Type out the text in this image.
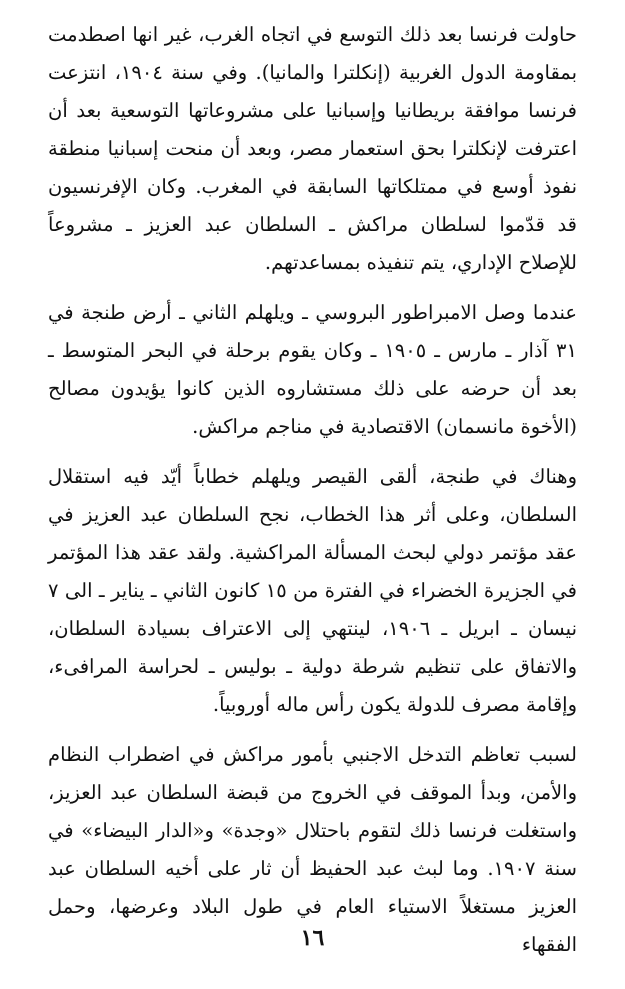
حاولت فرنسا بعد ذلك التوسع في اتجاه الغرب، غير انها اصطدمت بمقاومة الدول الغربية (إنكلترا والمانيا). وفي سنة ١٩٠٤، انتزعت فرنسا موافقة بريطانيا وإسبانيا على مشروعاتها التوسعية بعد أن اعترفت لإنكلترا بحق استعمار مصر، وبعد أن منحت إسبانيا منطقة نفوذ أوسع في ممتلكاتها السابقة في المغرب. وكان الإفرنسيون قد قدّموا لسلطان مراكش ـ السلطان عبد العزيز ـ مشروعاً للإصلاح الإداري، يتم تنفيذه بمساعدتهم.

عندما وصل الامبراطور البروسي ـ ويلهلم الثاني ـ أرض طنجة في ٣١ آذار ـ مارس ـ ١٩٠٥ ـ وكان يقوم برحلة في البحر المتوسط ـ بعد أن حرضه على ذلك مستشاروه الذين كانوا يؤيدون مصالح (الأخوة مانسمان) الاقتصادية في مناجم مراكش.

وهناك في طنجة، ألقى القيصر ويلهلم خطاباً أيّد فيه استقلال السلطان، وعلى أثر هذا الخطاب، نجح السلطان عبد العزيز في عقد مؤتمر دولي لبحث المسألة المراكشية. ولقد عقد هذا المؤتمر في الجزيرة الخضراء في الفترة من ١٥ كانون الثاني ـ يناير ـ الى ٧ نيسان ـ ابريل ـ ١٩٠٦، لينتهي إلى الاعتراف بسيادة السلطان، والاتفاق على تنظيم شرطة دولية ـ بوليس ـ لحراسة المرافىء، وإقامة مصرف للدولة يكون رأس ماله أوروبياً.

لسبب تعاظم التدخل الاجنبي بأمور مراكش في اضطراب النظام والأمن، وبدأ الموقف في الخروج من قبضة السلطان عبد العزيز، واستغلت فرنسا ذلك لتقوم باحتلال «وجدة» و«الدار البيضاء» في سنة ١٩٠٧. وما لبث عبد الحفيظ أن ثار على أخيه السلطان عبد العزيز مستغلاً الاستياء العام في طول البلاد وعرضها، وحمل الفقهاء

١٦
